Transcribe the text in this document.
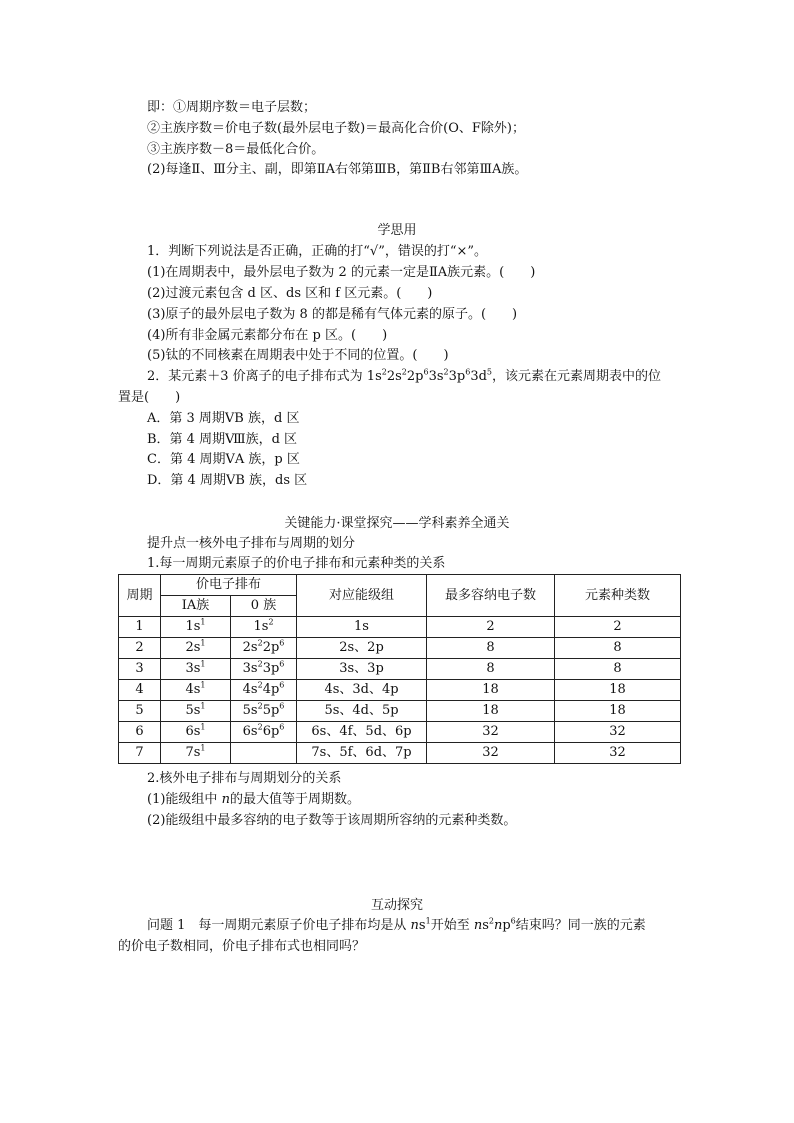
即：①周期序数＝电子层数；
②主族序数＝价电子数(最外层电子数)＝最高化合价(O、F除外)；
③主族序数－8＝最低化合价。
(2)每逢Ⅱ、Ⅲ分主、副，即第ⅡA右邻第ⅢB，第ⅡB右邻第ⅢA族。
学思用
1．判断下列说法是否正确，正确的打“√”，错误的打“×”。
(1)在周期表中，最外层电子数为 2 的元素一定是ⅡA族元素。(　　)
(2)过渡元素包含 d 区、ds 区和 f 区元素。(　　)
(3)原子的最外层电子数为 8 的都是稀有气体元素的原子。(　　)
(4)所有非金属元素都分布在 p 区。(　　)
(5)钛的不同核素在周期表中处于不同的位置。(　　)
2．某元素＋3 价离子的电子排布式为 $1s^22s^22p^63s^23p^63d^5$，该元素在元素周期表中的位
置是(　　)
A．第 3 周期ⅤB 族，d 区
B．第 4 周期Ⅷ族，d 区
C．第 4 周期ⅤA 族，p 区
D．第 4 周期ⅤB 族，ds 区
关键能力·课堂探究——学科素养全通关
提升点一核外电子排布与周期的划分
1.每一周期元素原子的价电子排布和元素种类的关系
周期	价电子排布		对应能级组	最多容纳电子数	元素种类数
	ⅠA族	0 族			
1	$1s^1$	$1s^2$	1s	2	2
2	$2s^1$	$2s^22p^6$	2s、2p	8	8
3	$3s^1$	$3s^23p^6$	3s、3p	8	8
4	$4s^1$	$4s^24p^6$	4s、3d、4p	18	18
5	$5s^1$	$5s^25p^6$	5s、4d、5p	18	18
6	$6s^1$	$6s^26p^6$	6s、4f、5d、6p	32	32
7	$7s^1$		7s、5f、6d、7p	32	32
2.核外电子排布与周期划分的关系
(1)能级组中 n的最大值等于周期数。
(2)能级组中最多容纳的电子数等于该周期所容纳的元素种类数。
互动探究
问题 1　每一周期元素原子价电子排布均是从 $ns^1$开始至 $ns^2np^6$结束吗？同一族的元素
的价电子数相同，价电子排布式也相同吗？
